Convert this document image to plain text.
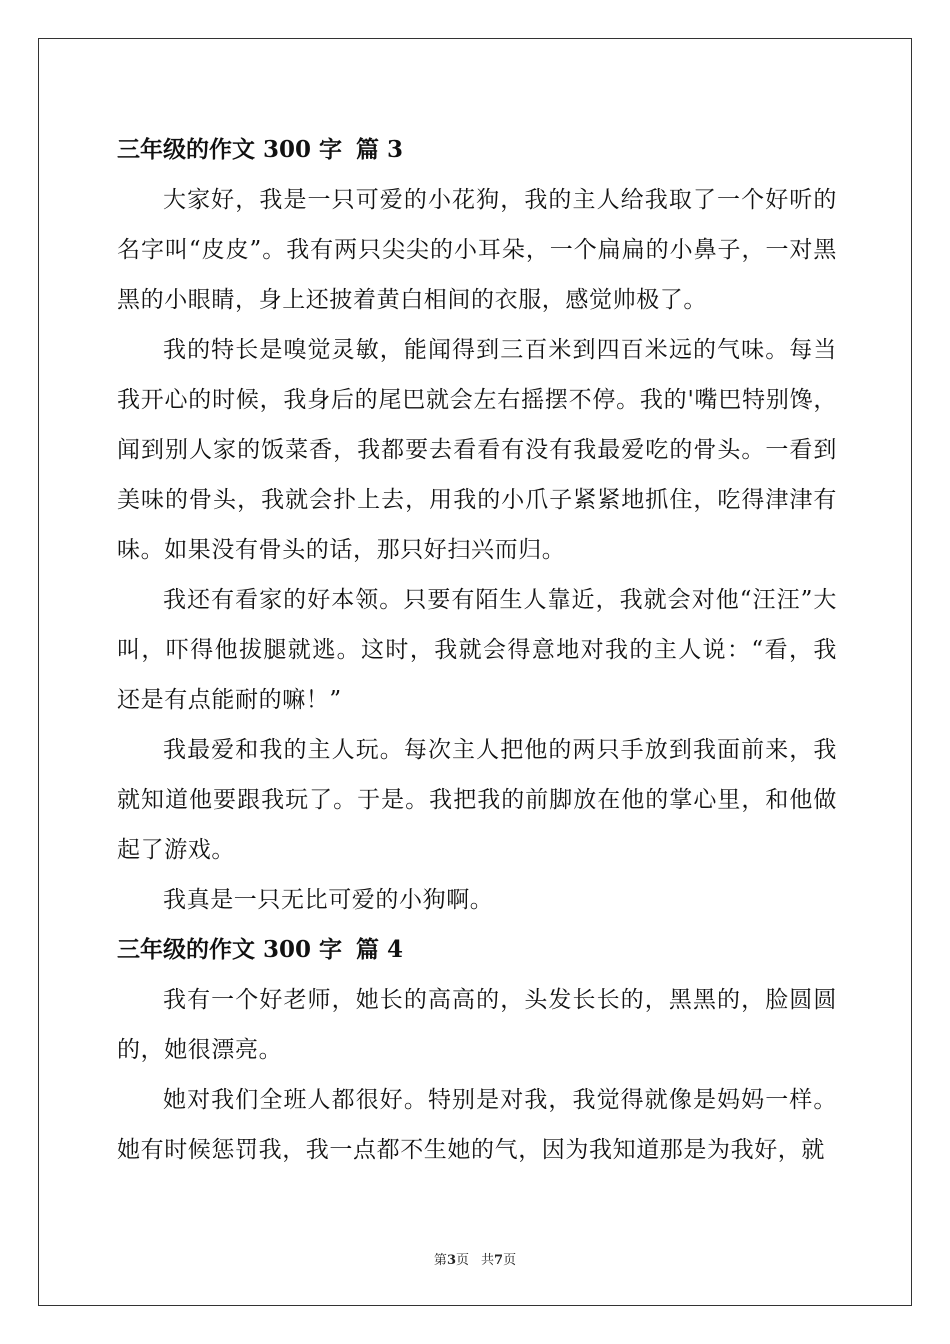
三年级的作文 300 字 篇 3

大家好，我是一只可爱的小花狗，我的主人给我取了一个好听的名字叫“皮皮”。我有两只尖尖的小耳朵，一个扁扁的小鼻子，一对黑黑的小眼睛，身上还披着黄白相间的衣服，感觉帅极了。

我的特长是嗅觉灵敏，能闻得到三百米到四百米远的气味。每当我开心的时候，我身后的尾巴就会左右摇摆不停。我的'嘴巴特别馋，闻到别人家的饭菜香，我都要去看看有没有我最爱吃的骨头。一看到美味的骨头，我就会扑上去，用我的小爪子紧紧地抓住，吃得津津有味。如果没有骨头的话，那只好扫兴而归。

我还有看家的好本领。只要有陌生人靠近，我就会对他“汪汪”大叫，吓得他拔腿就逃。这时，我就会得意地对我的主人说：“看，我还是有点能耐的嘛！”

我最爱和我的主人玩。每次主人把他的两只手放到我面前来，我就知道他要跟我玩了。于是。我把我的前脚放在他的掌心里，和他做起了游戏。

我真是一只无比可爱的小狗啊。

三年级的作文 300 字 篇 4

我有一个好老师，她长的高高的，头发长长的，黑黑的，脸圆圆的，她很漂亮。

她对我们全班人都很好。特别是对我，我觉得就像是妈妈一样。她有时候惩罚我，我一点都不生她的气，因为我知道那是为我好，就

第3页 共7页
